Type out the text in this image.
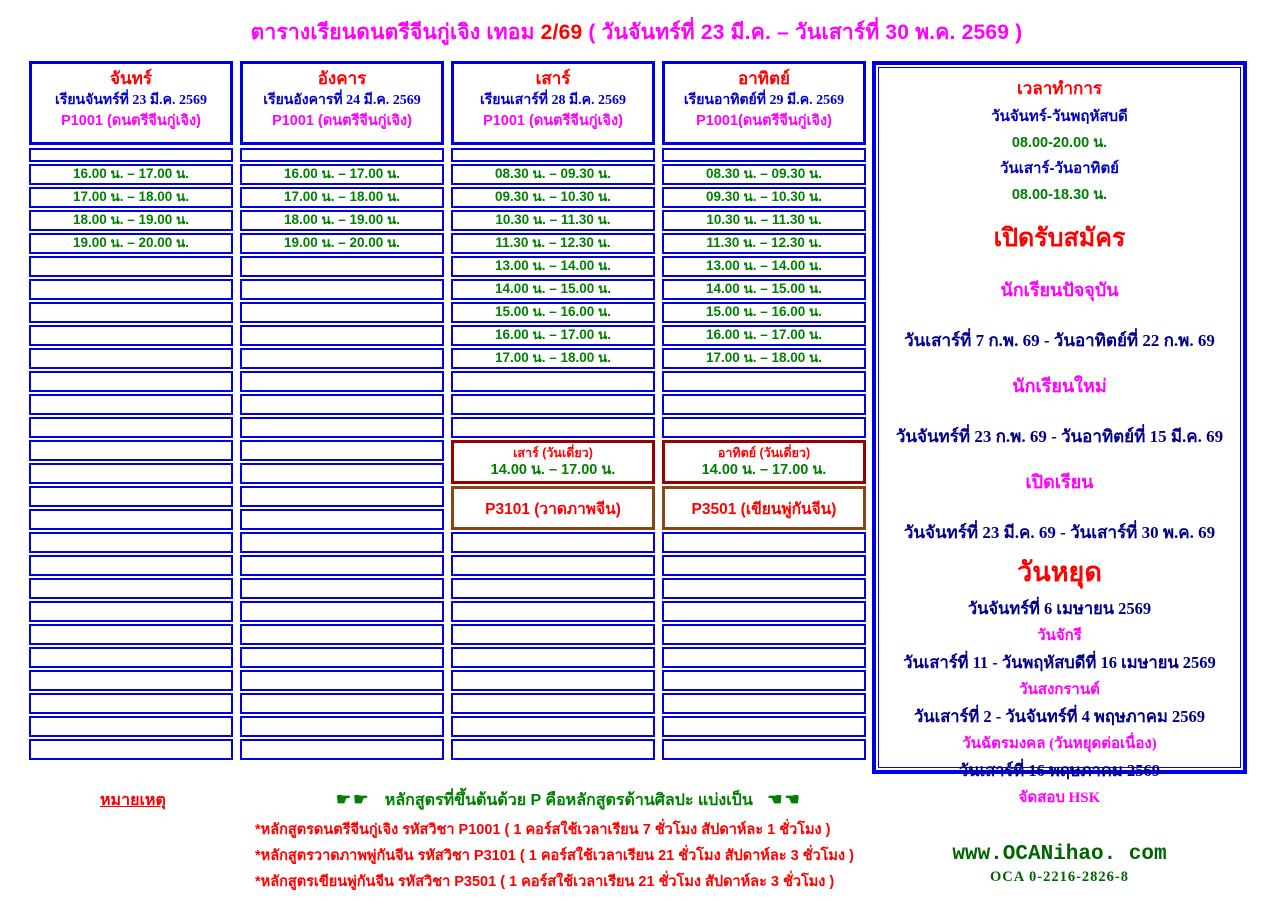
ตารางเรียนดนตรีจีนกู่เจิง เทอม 2/69 ( วันจันทร์ที่ 23 มี.ค. – วันเสาร์ที่ 30 พ.ค. 2569 )
จันทร์
เรียนจันทร์ที่ 23 มี.ค. 2569
P1001 (ดนตรีจีนกู่เจิง)
16.00 น. – 17.00 น.
17.00 น. – 18.00 น.
18.00 น. – 19.00 น.
19.00 น. – 20.00 น.
อังคาร
เรียนอังคารที่ 24 มี.ค. 2569
P1001 (ดนตรีจีนกู่เจิง)
16.00 น. – 17.00 น.
17.00 น. – 18.00 น.
18.00 น. – 19.00 น.
19.00 น. – 20.00 น.
เสาร์
เรียนเสาร์ที่ 28 มี.ค. 2569
P1001 (ดนตรีจีนกู่เจิง)
08.30 น. – 09.30 น.
09.30 น. – 10.30 น.
10.30 น. – 11.30 น.
11.30 น. – 12.30 น.
13.00 น. – 14.00 น.
14.00 น. – 15.00 น.
15.00 น. – 16.00 น.
16.00 น. – 17.00 น.
17.00 น. – 18.00 น.
เสาร์ (วันเดี่ยว)
14.00 น. – 17.00 น.
P3101 (วาดภาพจีน)
อาทิตย์
เรียนอาทิตย์ที่ 29 มี.ค. 2569
P1001(ดนตรีจีนกู่เจิง)
08.30 น. – 09.30 น.
09.30 น. – 10.30 น.
10.30 น. – 11.30 น.
11.30 น. – 12.30 น.
13.00 น. – 14.00 น.
14.00 น. – 15.00 น.
15.00 น. – 16.00 น.
16.00 น. – 17.00 น.
17.00 น. – 18.00 น.
อาทิตย์ (วันเดี่ยว)
14.00 น. – 17.00 น.
P3501 (เขียนพู่กันจีน)
เวลาทำการ
วันจันทร์-วันพฤหัสบดี
08.00-20.00 น.
วันเสาร์-วันอาทิตย์
08.00-18.30 น.
เปิดรับสมัคร
นักเรียนปัจจุบัน
วันเสาร์ที่ 7 ก.พ. 69 - วันอาทิตย์ที่ 22 ก.พ. 69
นักเรียนใหม่
วันจันทร์ที่ 23 ก.พ. 69 - วันอาทิตย์ที่ 15 มี.ค. 69
เปิดเรียน
วันจันทร์ที่ 23 มี.ค. 69 - วันเสาร์ที่ 30 พ.ค. 69
วันหยุด
วันจันทร์ที่ 6 เมษายน 2569
วันจักรี
วันเสาร์ที่ 11 - วันพฤหัสบดีที่ 16 เมษายน 2569
วันสงกรานต์
วันเสาร์ที่ 2 - วันจันทร์ที่ 4 พฤษภาคม 2569
วันฉัตรมงคล (วันหยุดต่อเนื่อง)
วันเสาร์ที่ 16 พฤษภาคม 2569
จัดสอบ HSK
www.OCANihao. com
OCA 0-2216-2826-8
หมายเหตุ	☛☛ หลักสูตรที่ขึ้นต้นด้วย P คือหลักสูตรด้านศิลปะ แบ่งเป็น ☚☚
*หลักสูตรดนตรีจีนกู่เจิง รหัสวิชา P1001 ( 1 คอร์สใช้เวลาเรียน 7 ชั่วโมง สัปดาห์ละ 1 ชั่วโมง )
*หลักสูตรวาดภาพพู่กันจีน รหัสวิชา P3101 ( 1 คอร์สใช้เวลาเรียน 21 ชั่วโมง สัปดาห์ละ 3 ชั่วโมง )
*หลักสูตรเขียนพู่กันจีน รหัสวิชา P3501 ( 1 คอร์สใช้เวลาเรียน 21 ชั่วโมง สัปดาห์ละ 3 ชั่วโมง )
